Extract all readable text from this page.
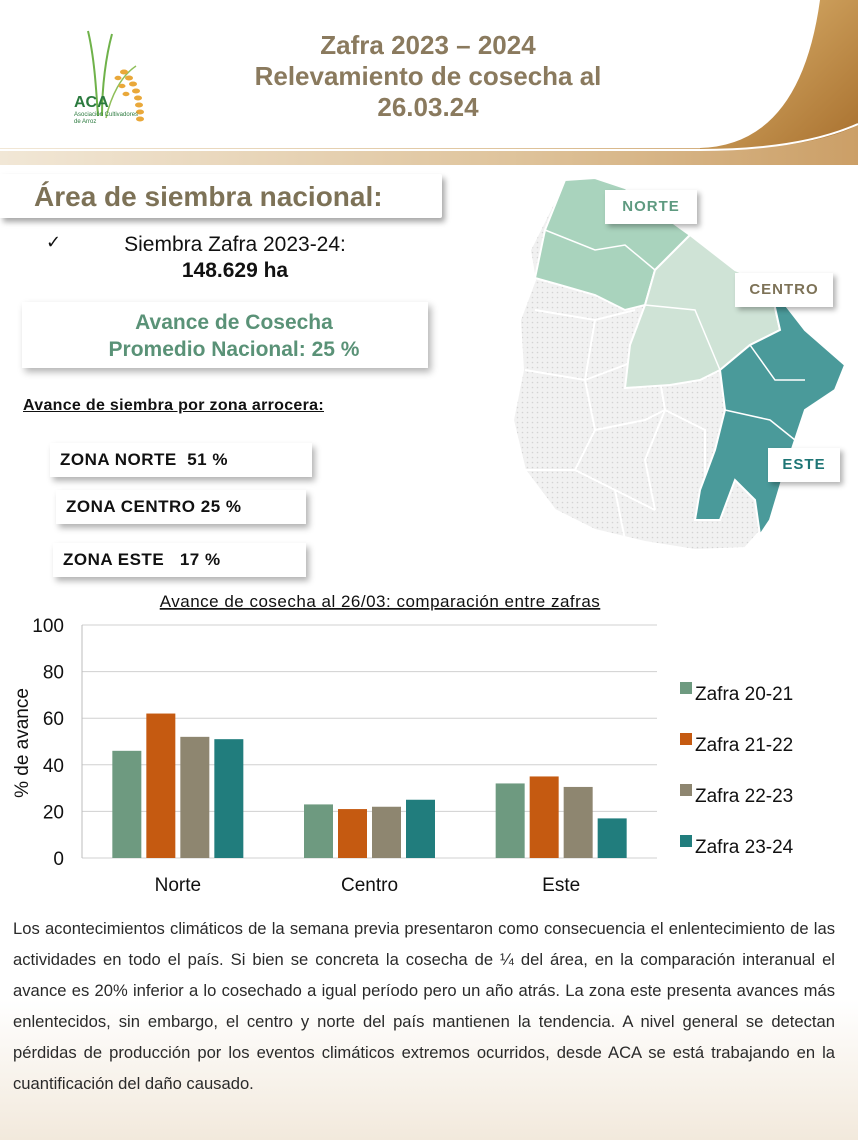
ACA
Asociación Cultivadores de Arroz
Zafra 2023 – 2024
Relevamiento de cosecha al
26.03.24
Área de siembra nacional:
✓	Siembra Zafra 2023-24:
148.629 ha
Avance de Cosecha
Promedio Nacional: 25 %
Avance de siembra por zona arrocera:
ZONA NORTE  51 %
ZONA CENTRO 25 %
ZONA ESTE   17 %
NORTE
CENTRO
ESTE
Avance de cosecha al 26/03: comparación entre zafras
% de avance
Norte	Centro	Este
0
20
40
60
80
100
Zafra 20-21
Zafra 21-22
Zafra 22-23
Zafra 23-24

Los acontecimientos climáticos de la semana previa presentaron como consecuencia el enlentecimiento de las actividades en todo el país. Si bien se concreta la cosecha de ¼ del área, en la comparación interanual el avance es 20% inferior a lo cosechado a igual período pero un año atrás. La zona este presenta avances más enlentecidos, sin embargo, el centro y norte del país mantienen la tendencia. A nivel general se detectan pérdidas de producción por los eventos climáticos extremos ocurridos, desde ACA se está trabajando en la cuantificación del daño causado.
